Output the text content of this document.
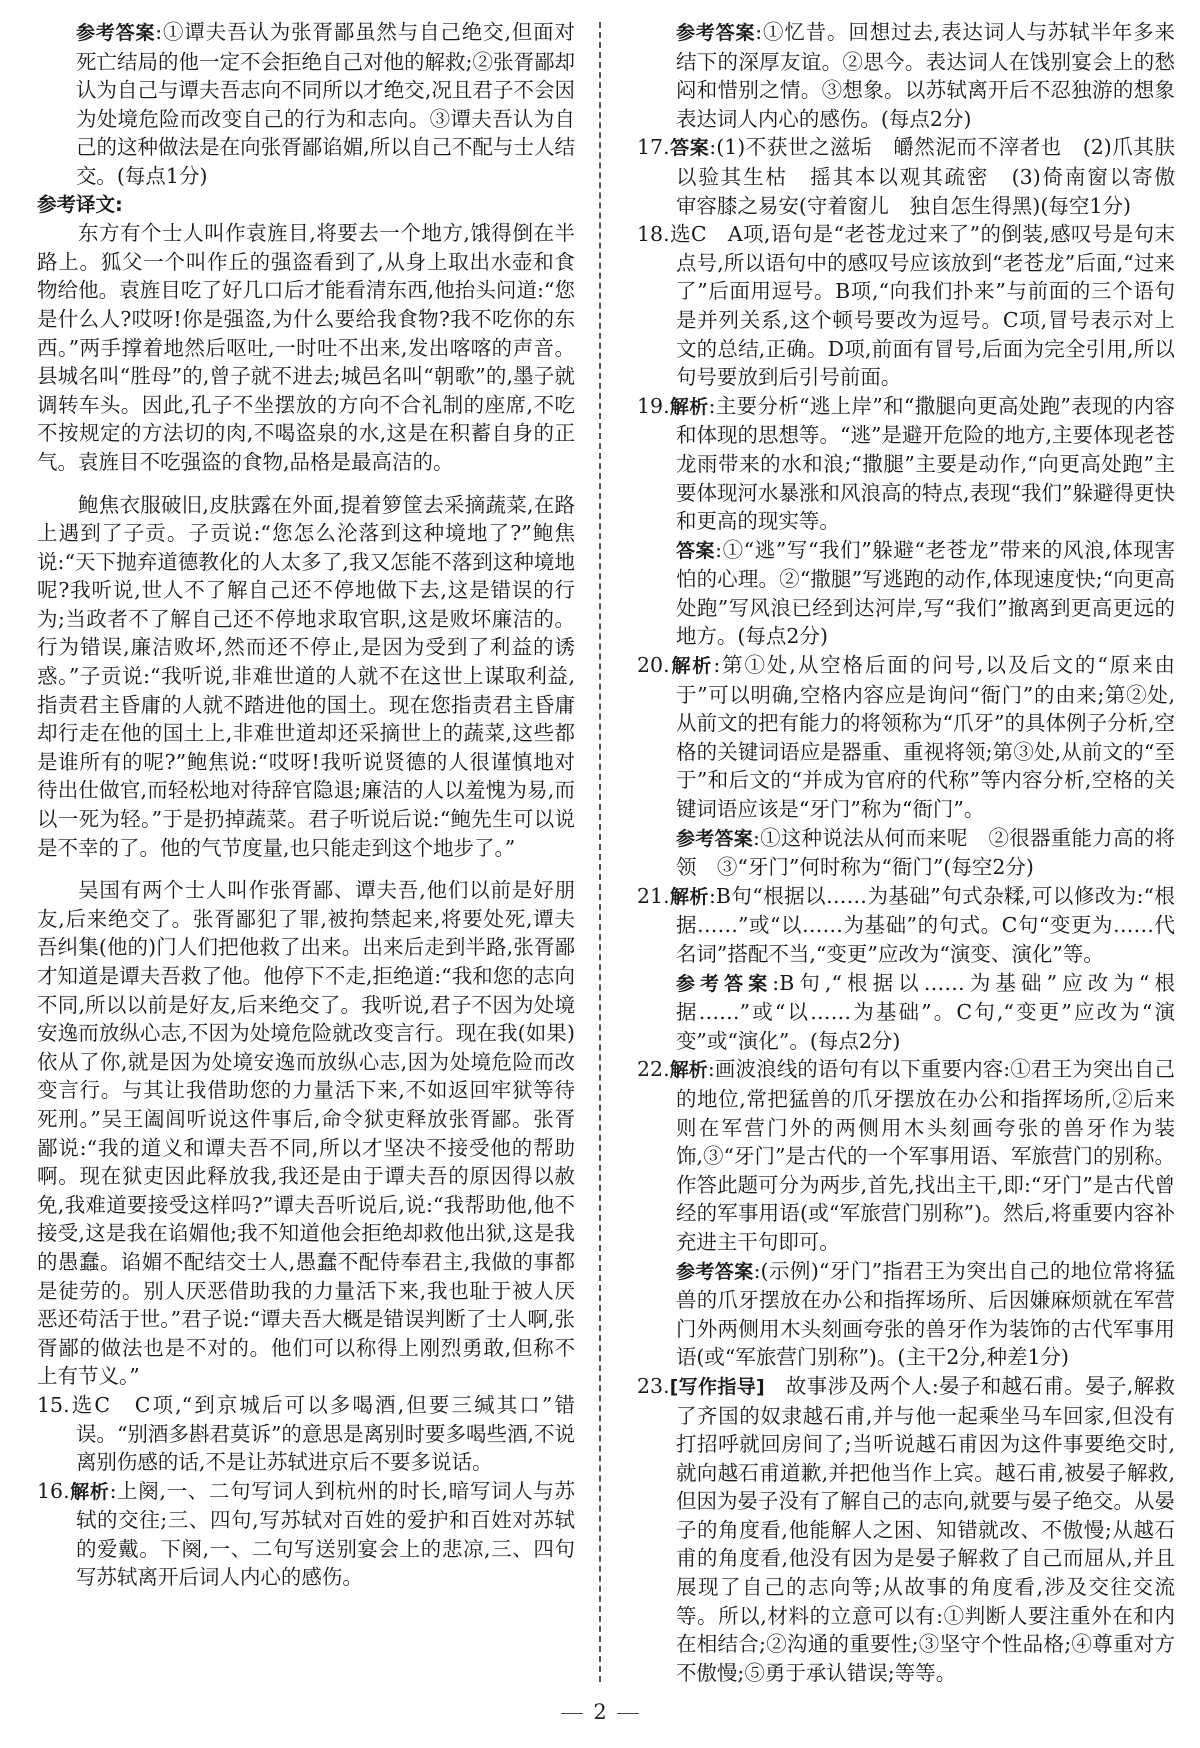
参考答案:①谭夫吾认为张胥鄙虽然与自己绝交,但面对死亡结局的他一定不会拒绝自己对他的解救;②张胥鄙却认为自己与谭夫吾志向不同所以才绝交,况且君子不会因为处境危险而改变自己的行为和志向。③谭夫吾认为自己的这种做法是在向张胥鄙谄媚,所以自己不配与士人结交。(每点1分)

参考译文:

东方有个士人叫作袁旌目,将要去一个地方,饿得倒在半路上。狐父一个叫作丘的强盗看到了,从身上取出水壶和食物给他。袁旌目吃了好几口后才能看清东西,他抬头问道:“您是什么人?哎呀!你是强盗,为什么要给我食物?我不吃你的东西。”两手撑着地然后呕吐,一时吐不出来,发出喀喀的声音。县城名叫“胜母”的,曾子就不进去;城邑名叫“朝歌”的,墨子就调转车头。因此,孔子不坐摆放的方向不合礼制的座席,不吃不按规定的方法切的肉,不喝盗泉的水,这是在积蓄自身的正气。袁旌目不吃强盗的食物,品格是最高洁的。

鲍焦衣服破旧,皮肤露在外面,提着箩筐去采摘蔬菜,在路上遇到了子贡。子贡说:“您怎么沦落到这种境地了?”鲍焦说:“天下抛弃道德教化的人太多了,我又怎能不落到这种境地呢?我听说,世人不了解自己还不停地做下去,这是错误的行为;当政者不了解自己还不停地求取官职,这是败坏廉洁的。行为错误,廉洁败坏,然而还不停止,是因为受到了利益的诱惑。”子贡说:“我听说,非难世道的人就不在这世上谋取利益,指责君主昏庸的人就不踏进他的国土。现在您指责君主昏庸却行走在他的国土上,非难世道却还采摘世上的蔬菜,这些都是谁所有的呢?”鲍焦说:“哎呀!我听说贤德的人很谨慎地对待出仕做官,而轻松地对待辞官隐退;廉洁的人以羞愧为易,而以一死为轻。”于是扔掉蔬菜。君子听说后说:“鲍先生可以说是不幸的了。他的气节度量,也只能走到这个地步了。”

吴国有两个士人叫作张胥鄙、谭夫吾,他们以前是好朋友,后来绝交了。张胥鄙犯了罪,被拘禁起来,将要处死,谭夫吾纠集(他的)门人们把他救了出来。出来后走到半路,张胥鄙才知道是谭夫吾救了他。他停下不走,拒绝道:“我和您的志向不同,所以以前是好友,后来绝交了。我听说,君子不因为处境安逸而放纵心志,不因为处境危险就改变言行。现在我(如果)依从了你,就是因为处境安逸而放纵心志,因为处境危险而改变言行。与其让我借助您的力量活下来,不如返回牢狱等待死刑。”吴王阖闾听说这件事后,命令狱吏释放张胥鄙。张胥鄙说:“我的道义和谭夫吾不同,所以才坚决不接受他的帮助啊。现在狱吏因此释放我,我还是由于谭夫吾的原因得以赦免,我难道要接受这样吗?”谭夫吾听说后,说:“我帮助他,他不接受,这是我在谄媚他;我不知道他会拒绝却救他出狱,这是我的愚蠢。谄媚不配结交士人,愚蠢不配侍奉君主,我做的事都是徒劳的。别人厌恶借助我的力量活下来,我也耻于被人厌恶还苟活于世。”君子说:“谭夫吾大概是错误判断了士人啊,张胥鄙的做法也是不对的。他们可以称得上刚烈勇敢,但称不上有节义。”

15.选C　C项,“到京城后可以多喝酒,但要三缄其口”错误。“别酒多斟君莫诉”的意思是离别时要多喝些酒,不说离别伤感的话,不是让苏轼进京后不要多说话。

16.解析:上阕,一、二句写词人到杭州的时长,暗写词人与苏轼的交往;三、四句,写苏轼对百姓的爱护和百姓对苏轼的爱戴。下阕,一、二句写送别宴会上的悲凉,三、四句写苏轼离开后词人内心的感伤。

参考答案:①忆昔。回想过去,表达词人与苏轼半年多来结下的深厚友谊。②思今。表达词人在饯别宴会上的愁闷和惜别之情。③想象。以苏轼离开后不忍独游的想象表达词人内心的感伤。(每点2分)

17.答案:(1)不获世之滋垢　皭然泥而不滓者也　(2)爪其肤以验其生枯　摇其本以观其疏密　(3)倚南窗以寄傲　审容膝之易安(守着窗儿　独自怎生得黑)(每空1分)

18.选C　A项,语句是“老苍龙过来了”的倒装,感叹号是句末点号,所以语句中的感叹号应该放到“老苍龙”后面,“过来了”后面用逗号。B项,“向我们扑来”与前面的三个语句是并列关系,这个顿号要改为逗号。C项,冒号表示对上文的总结,正确。D项,前面有冒号,后面为完全引用,所以句号要放到后引号前面。

19.解析:主要分析“逃上岸”和“撒腿向更高处跑”表现的内容和体现的思想等。“逃”是避开危险的地方,主要体现老苍龙雨带来的水和浪;“撒腿”主要是动作,“向更高处跑”主要体现河水暴涨和风浪高的特点,表现“我们”躲避得更快和更高的现实等。

答案:①“逃”写“我们”躲避“老苍龙”带来的风浪,体现害怕的心理。②“撒腿”写逃跑的动作,体现速度快;“向更高处跑”写风浪已经到达河岸,写“我们”撤离到更高更远的地方。(每点2分)

20.解析:第①处,从空格后面的问号,以及后文的“原来由于”可以明确,空格内容应是询问“衙门”的由来;第②处,从前文的把有能力的将领称为“爪牙”的具体例子分析,空格的关键词语应是器重、重视将领;第③处,从前文的“至于”和后文的“并成为官府的代称”等内容分析,空格的关键词语应该是“牙门”称为“衙门”。

参考答案:①这种说法从何而来呢　②很器重能力高的将领　③“牙门”何时称为“衙门”(每空2分)

21.解析:B句“根据以……为基础”句式杂糅,可以修改为:“根据……”或“以……为基础”的句式。C句“变更为……代名词”搭配不当,“变更”应改为“演变、演化”等。

参考答案:B句,“根据以……为基础”应改为“根据……”或“以……为基础”。C句,“变更”应改为“演变”或“演化”。(每点2分)

22.解析:画波浪线的语句有以下重要内容:①君王为突出自己的地位,常把猛兽的爪牙摆放在办公和指挥场所,②后来则在军营门外的两侧用木头刻画夸张的兽牙作为装饰,③“牙门”是古代的一个军事用语、军旅营门的别称。作答此题可分为两步,首先,找出主干,即:“牙门”是古代曾经的军事用语(或“军旅营门别称”)。然后,将重要内容补充进主干句即可。

参考答案:(示例)“牙门”指君王为突出自己的地位常将猛兽的爪牙摆放在办公和指挥场所、后因嫌麻烦就在军营门外两侧用木头刻画夸张的兽牙作为装饰的古代军事用语(或“军旅营门别称”)。(主干2分,种差1分)

23.[写作指导]　故事涉及两个人:晏子和越石甫。晏子,解救了齐国的奴隶越石甫,并与他一起乘坐马车回家,但没有打招呼就回房间了;当听说越石甫因为这件事要绝交时,就向越石甫道歉,并把他当作上宾。越石甫,被晏子解救,但因为晏子没有了解自己的志向,就要与晏子绝交。从晏子的角度看,他能解人之困、知错就改、不傲慢;从越石甫的角度看,他没有因为是晏子解救了自己而屈从,并且展现了自己的志向等;从故事的角度看,涉及交往交流等。所以,材料的立意可以有:①判断人要注重外在和内在相结合;②沟通的重要性;③坚守个性品格;④尊重对方不傲慢;⑤勇于承认错误;等等。

2
